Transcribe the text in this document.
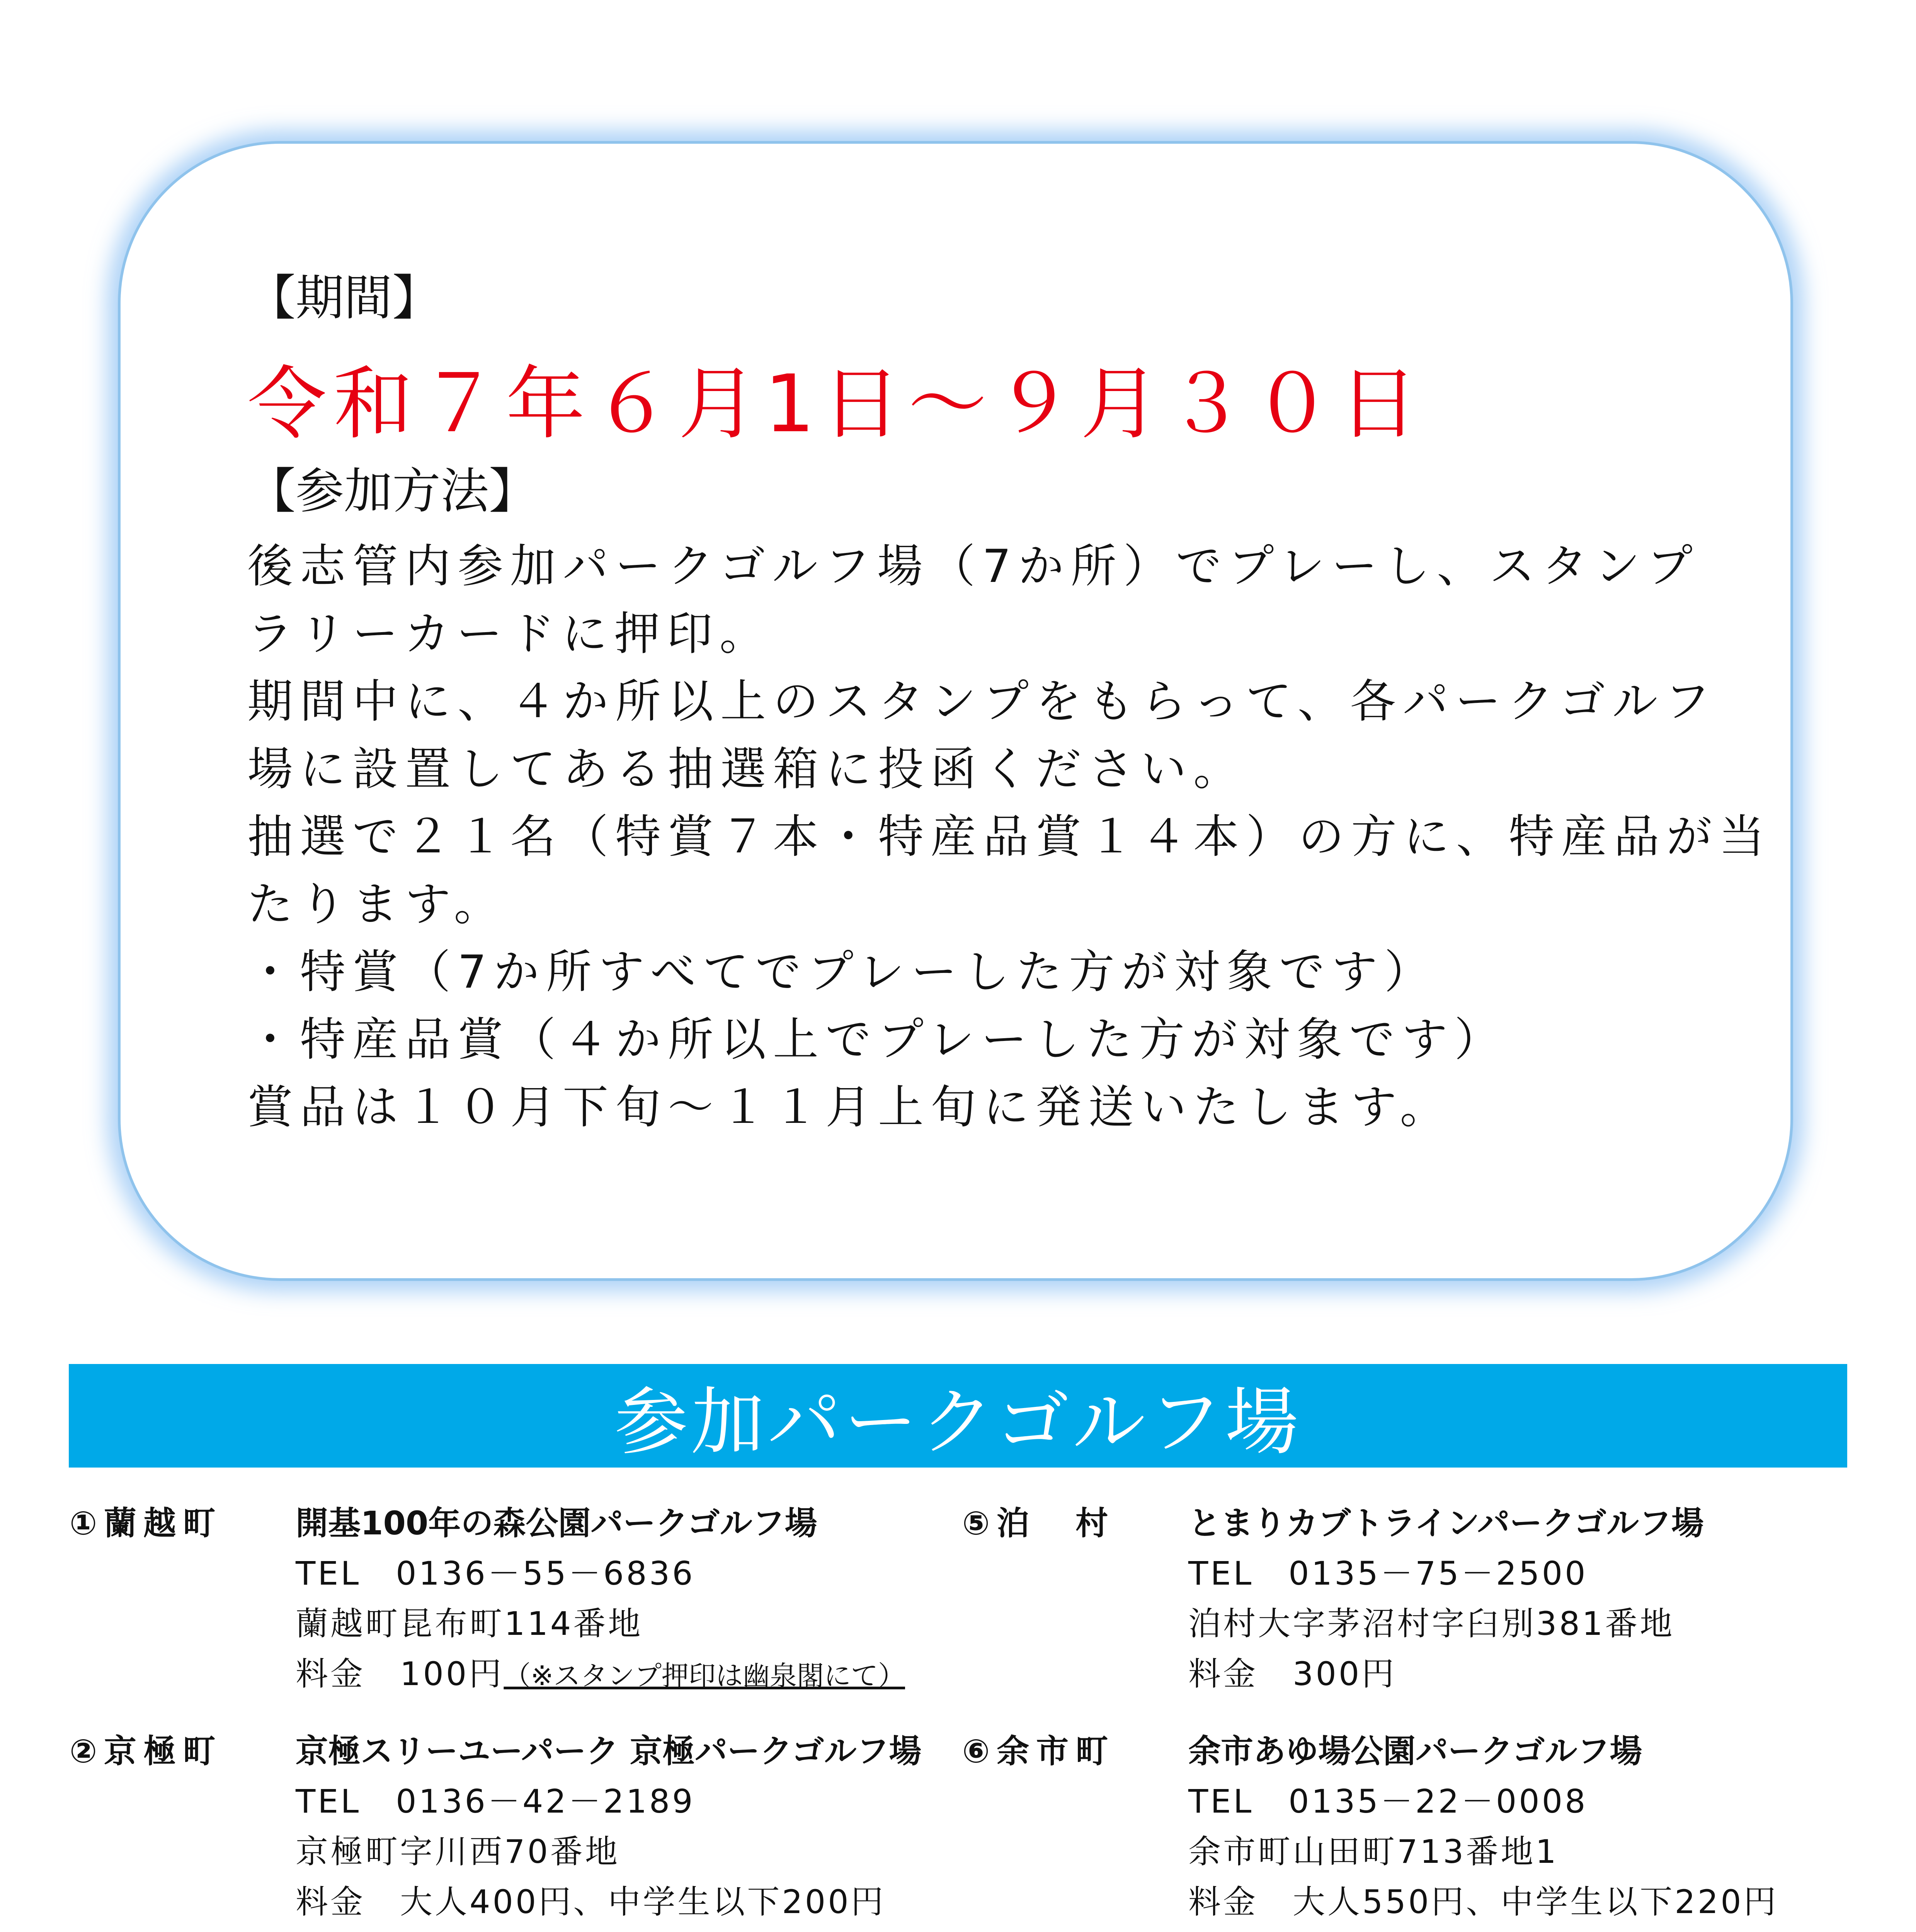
【期間】
令和７年６月1日～９月３０日
【参加方法】
後志管内参加パークゴルフ場（7か所）でプレーし、スタンプ
ラリーカードに押印。
期間中に、４か所以上のスタンプをもらって、各パークゴルフ
場に設置してある抽選箱に投函ください。
抽選で２１名（特賞７本・特産品賞１４本）の方に、特産品が当
たります。
・特賞（7か所すべてでプレーした方が対象です）
・特産品賞（４か所以上でプレーした方が対象です）
賞品は１０月下旬～１１月上旬に発送いたします。
参加パークゴルフ場
①蘭越町 開基100年の森公園パークゴルフ場
TEL　0136－55－6836
蘭越町昆布町114番地
料金　100円（※スタンプ押印は幽泉閣にて）
②京極町 京極スリーユーパーク 京極パークゴルフ場
TEL　0136－42－2189
京極町字川西70番地
料金　大人400円、中学生以下200円
⑤泊　村 とまりカブトラインパークゴルフ場
TEL　0135－75－2500
泊村大字茅沼村字臼別381番地
料金　300円
⑥余市町 余市あゆ場公園パークゴルフ場
TEL　0135－22－0008
余市町山田町713番地1
料金　大人550円、中学生以下220円
